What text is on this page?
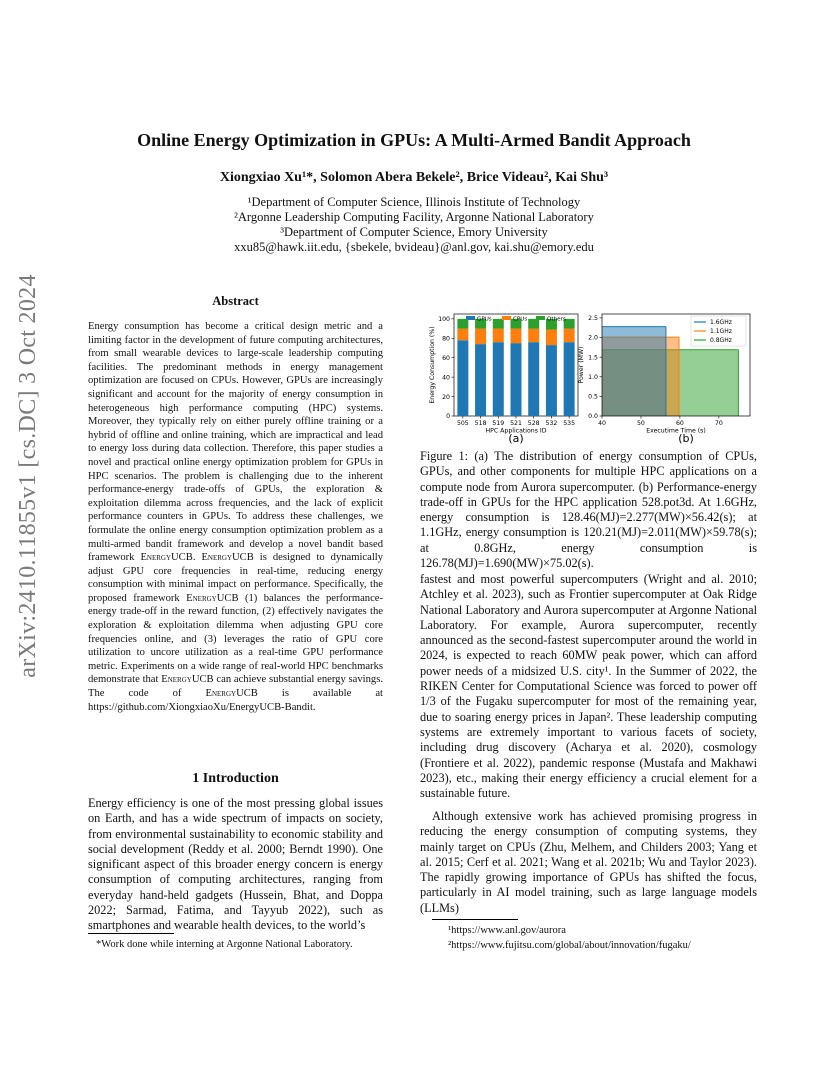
arXiv:2410.11855v1 [cs.DC] 3 Oct 2024
Online Energy Optimization in GPUs: A Multi-Armed Bandit Approach
Xiongxiao Xu¹*, Solomon Abera Bekele², Brice Videau², Kai Shu³
¹Department of Computer Science, Illinois Institute of Technology
²Argonne Leadership Computing Facility, Argonne National Laboratory
³Department of Computer Science, Emory University
xxu85@hawk.iit.edu, {sbekele, bvideau}@anl.gov, kai.shu@emory.edu
Abstract
Energy consumption has become a critical design metric and a limiting factor in the development of future computing architectures, from small wearable devices to large-scale leadership computing facilities. The predominant methods in energy management optimization are focused on CPUs. However, GPUs are increasingly significant and account for the majority of energy consumption in heterogeneous high performance computing (HPC) systems. Moreover, they typically rely on either purely offline training or a hybrid of offline and online training, which are impractical and lead to energy loss during data collection. Therefore, this paper studies a novel and practical online energy optimization problem for GPUs in HPC scenarios. The problem is challenging due to the inherent performance-energy trade-offs of GPUs, the exploration & exploitation dilemma across frequencies, and the lack of explicit performance counters in GPUs. To address these challenges, we formulate the online energy consumption optimization problem as a multi-armed bandit framework and develop a novel bandit based framework EnergyUCB. EnergyUCB is designed to dynamically adjust GPU core frequencies in real-time, reducing energy consumption with minimal impact on performance. Specifically, the proposed framework EnergyUCB (1) balances the performance-energy trade-off in the reward function, (2) effectively navigates the exploration & exploitation dilemma when adjusting GPU core frequencies online, and (3) leverages the ratio of GPU core utilization to uncore utilization as a real-time GPU performance metric. Experiments on a wide range of real-world HPC benchmarks demonstrate that EnergyUCB can achieve substantial energy savings. The code of EnergyUCB is available at https://github.com/XiongxiaoXu/EnergyUCB-Bandit.
1 Introduction
Energy efficiency is one of the most pressing global issues on Earth, and has a wide spectrum of impacts on society, from environmental sustainability to economic stability and social development (Reddy et al. 2000; Berndt 1990). One significant aspect of this broader energy concern is energy consumption of computing architectures, ranging from everyday hand-held gadgets (Hussein, Bhat, and Doppa 2022; Sarmad, Fatima, and Tayyub 2022), such as smartphones and wearable health devices, to the world’s
*Work done while interning at Argonne National Laboratory.
0
20
40
60
80
100
505 518 519 521 528 532 535
HPC Applications ID
Energy Consumption (%)
GPUs	CPUs	Others
(a)
0.0
0.5
1.0
1.5
2.0
2.5
40	50	60	70
Executime Time (s)
Power (MW)
1.6GHz
1.1GHz
0.8GHz
(b)
Figure 1: (a) The distribution of energy consumption of CPUs, GPUs, and other components for multiple HPC applications on a compute node from Aurora supercomputer. (b) Performance-energy trade-off in GPUs for the HPC application 528.pot3d. At 1.6GHz, energy consumption is 128.46(MJ)=2.277(MW)×56.42(s); at 1.1GHz, energy consumption is 120.21(MJ)=2.011(MW)×59.78(s); at 0.8GHz, energy consumption is 126.78(MJ)=1.690(MW)×75.02(s).
fastest and most powerful supercomputers (Wright and al. 2010; Atchley et al. 2023), such as Frontier supercomputer at Oak Ridge National Laboratory and Aurora supercomputer at Argonne National Laboratory. For example, Aurora supercomputer, recently announced as the second-fastest supercomputer around the world in 2024, is expected to reach 60MW peak power, which can afford power needs of a midsized U.S. city¹. In the Summer of 2022, the RIKEN Center for Computational Science was forced to power off 1/3 of the Fugaku supercomputer for most of the remaining year, due to soaring energy prices in Japan². These leadership computing systems are extremely important to various facets of society, including drug discovery (Acharya et al. 2020), cosmology (Frontiere et al. 2022), pandemic response (Mustafa and Makhawi 2023), etc., making their energy efficiency a crucial element for a sustainable future.
Although extensive work has achieved promising progress in reducing the energy consumption of computing systems, they mainly target on CPUs (Zhu, Melhem, and Childers 2003; Yang et al. 2015; Cerf et al. 2021; Wang et al. 2021b; Wu and Taylor 2023). The rapidly growing importance of GPUs has shifted the focus, particularly in AI model training, such as large language models (LLMs)
¹https://www.anl.gov/aurora
²https://www.fujitsu.com/global/about/innovation/fugaku/
